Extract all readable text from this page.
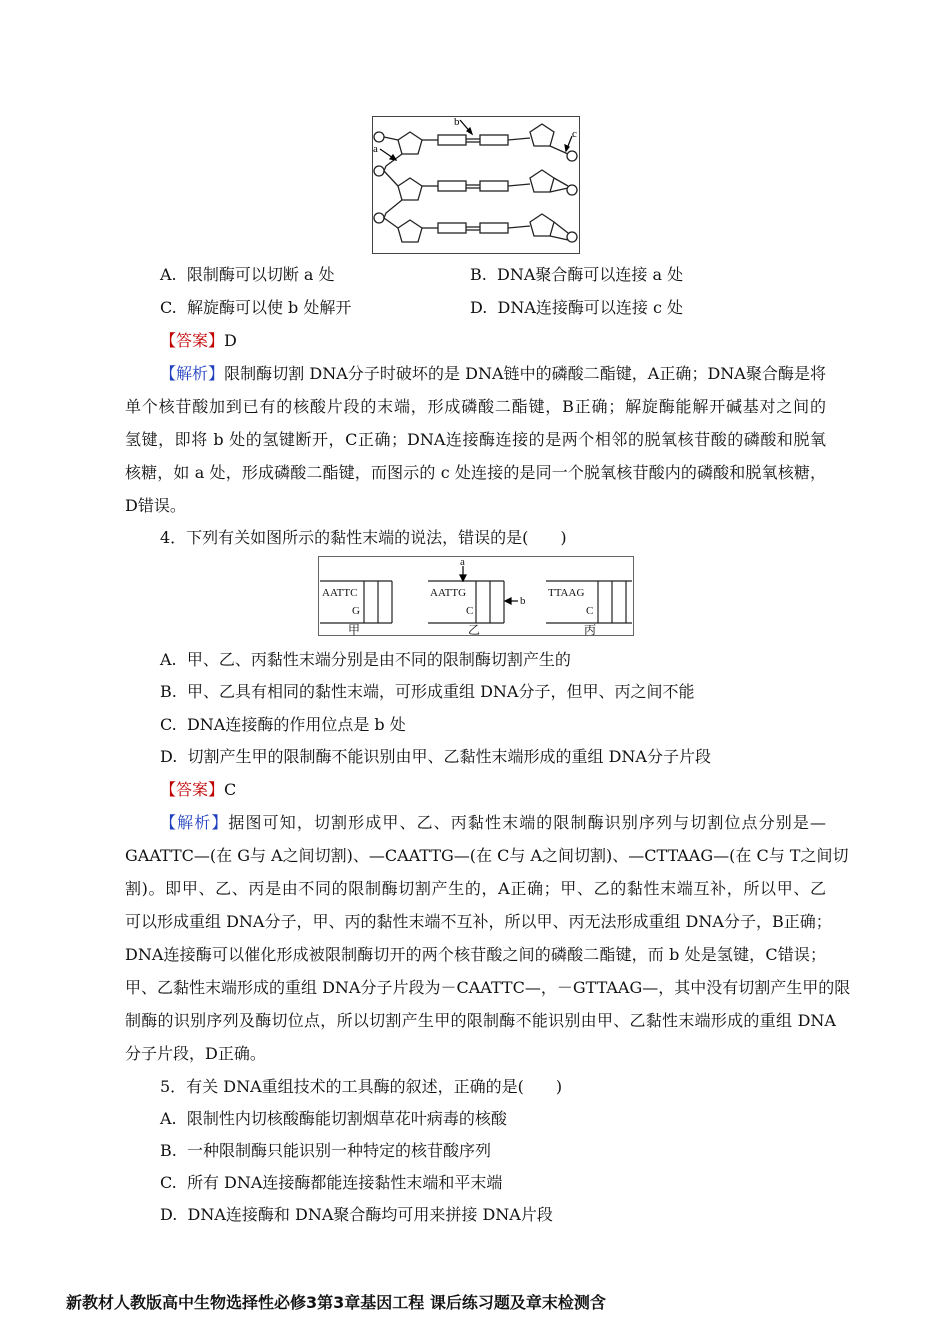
a
b
c
A. 限制酶可以切断 a 处	B. DNA聚合酶可以连接 a 处
C. 解旋酶可以使 b 处解开	D. DNA连接酶可以连接 c 处
【答案】D
【解析】限制酶切割 DNA分子时破坏的是 DNA链中的磷酸二酯键，A正确；DNA聚合酶是将
单个核苷酸加到已有的核酸片段的末端，形成磷酸二酯键，B正确；解旋酶能解开碱基对之间的
氢键，即将 b 处的氢键断开，C正确；DNA连接酶连接的是两个相邻的脱氧核苷酸的磷酸和脱氧
核糖，如 a 处，形成磷酸二酯键，而图示的 c 处连接的是同一个脱氧核苷酸内的磷酸和脱氧核糖，
D错误。
4．下列有关如图所示的黏性末端的说法，错误的是(　　)
AATTC
G
甲
AATTG
C
乙
a
b
TTAAG
C
丙
A. 甲、乙、丙黏性末端分别是由不同的限制酶切割产生的
B. 甲、乙具有相同的黏性末端，可形成重组 DNA分子，但甲、丙之间不能
C. DNA连接酶的作用位点是 b 处
D. 切割产生甲的限制酶不能识别由甲、乙黏性末端形成的重组 DNA分子片段
【答案】C
【解析】据图可知，切割形成甲、乙、丙黏性末端的限制酶识别序列与切割位点分别是—
GAATTC—(在 G与 A之间切割)、—CAATTG—(在 C与 A之间切割)、—CTTAAG—(在 C与 T之间切
割)。即甲、乙、丙是由不同的限制酶切割产生的，A正确；甲、乙的黏性末端互补，所以甲、乙
可以形成重组 DNA分子，甲、丙的黏性末端不互补，所以甲、丙无法形成重组 DNA分子，B正确；
DNA连接酶可以催化形成被限制酶切开的两个核苷酸之间的磷酸二酯键，而 b 处是氢键，C错误；
甲、乙黏性末端形成的重组 DNA分子片段为－CAATTC—，－GTTAAG—，其中没有切割产生甲的限
制酶的识别序列及酶切位点，所以切割产生甲的限制酶不能识别由甲、乙黏性末端形成的重组 DNA
分子片段，D正确。
5．有关 DNA重组技术的工具酶的叙述，正确的是(　　)
A. 限制性内切核酸酶能切割烟草花叶病毒的核酸
B. 一种限制酶只能识别一种特定的核苷酸序列
C. 所有 DNA连接酶都能连接黏性末端和平末端
D. DNA连接酶和 DNA聚合酶均可用来拼接 DNA片段
新教材人教版高中生物选择性必修3第3章基因工程 课后练习题及章末检测含
